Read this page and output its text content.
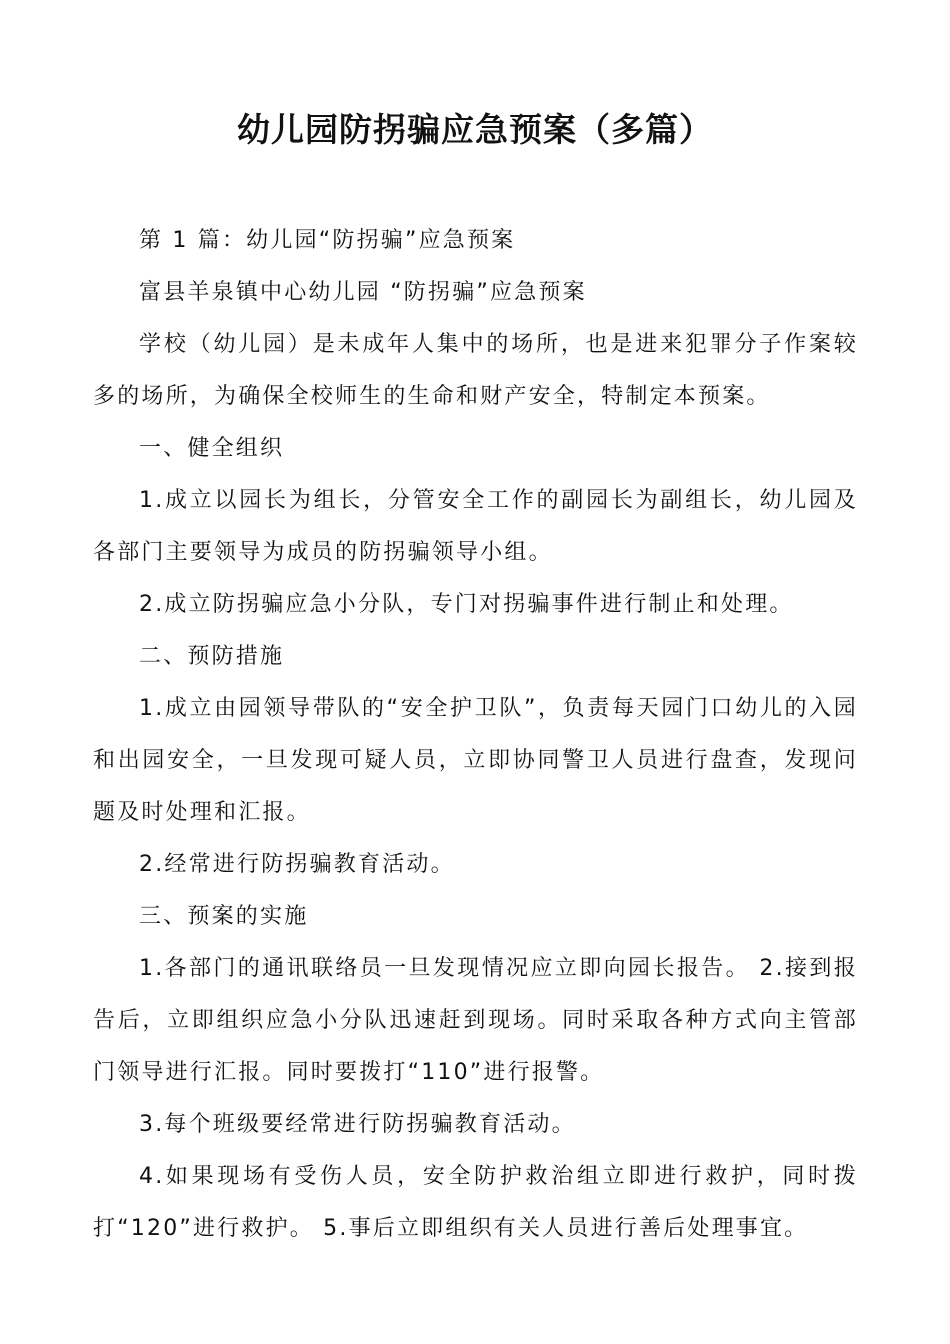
幼儿园防拐骗应急预案（多篇）

第 1 篇：幼儿园“防拐骗”应急预案

富县羊泉镇中心幼儿园 “防拐骗”应急预案

学校（幼儿园）是未成年人集中的场所，也是进来犯罪分子作案较多的场所，为确保全校师生的生命和财产安全，特制定本预案。

一、健全组织

1.成立以园长为组长，分管安全工作的副园长为副组长，幼儿园及各部门主要领导为成员的防拐骗领导小组。

2.成立防拐骗应急小分队，专门对拐骗事件进行制止和处理。

二、预防措施

1.成立由园领导带队的“安全护卫队”，负责每天园门口幼儿的入园和出园安全，一旦发现可疑人员，立即协同警卫人员进行盘查，发现问题及时处理和汇报。

2.经常进行防拐骗教育活动。

三、预案的实施

1.各部门的通讯联络员一旦发现情况应立即向园长报告。 2.接到报告后，立即组织应急小分队迅速赶到现场。同时采取各种方式向主管部门领导进行汇报。同时要拨打“110”进行报警。

3.每个班级要经常进行防拐骗教育活动。

4.如果现场有受伤人员，安全防护救治组立即进行救护，同时拨打“120”进行救护。 5.事后立即组织有关人员进行善后处理事宜。
